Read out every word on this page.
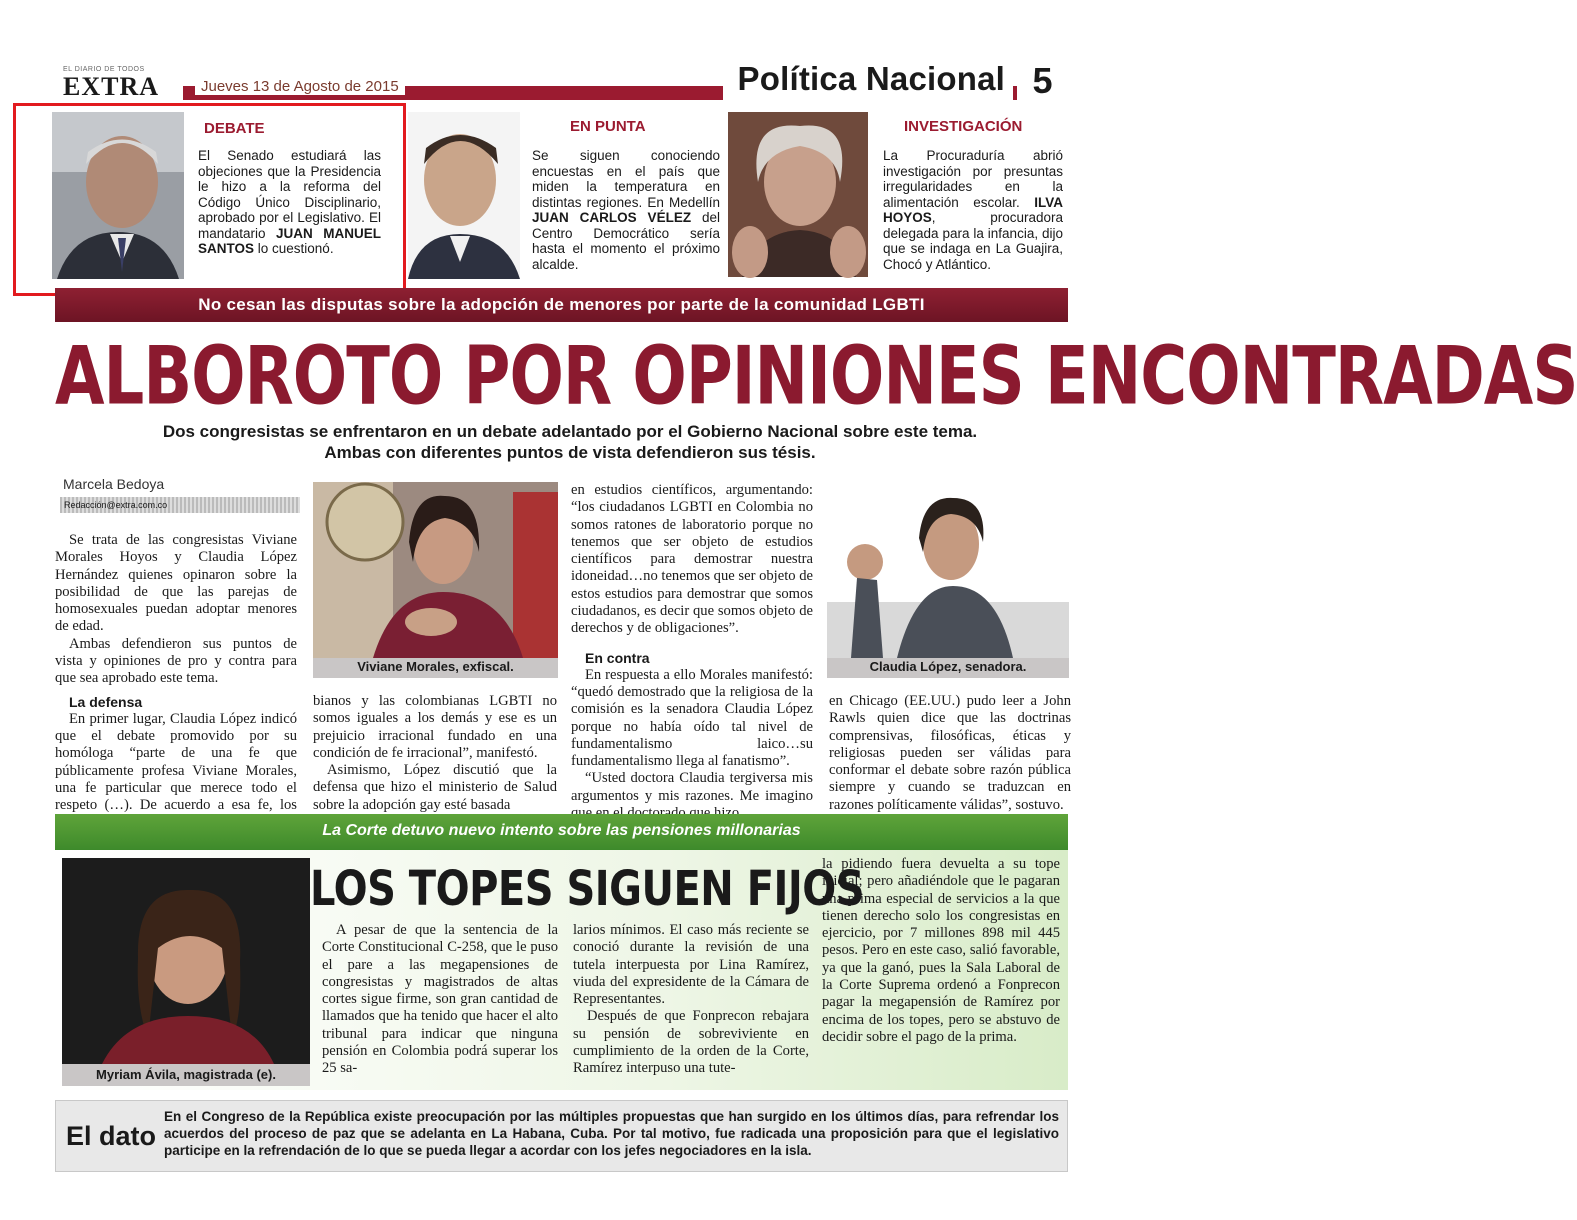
EL DIARIO DE TODOS
EXTRA	Jueves 13 de Agosto de 2015	Política Nacional 5
DEBATE
El Senado estudiará las objeciones que la Presidencia le hizo a la reforma del Código Único Disciplinario, aprobado por el Legislativo. El mandatario JUAN MANUEL SANTOS lo cuestionó.
EN PUNTA
Se siguen conociendo encuestas en el país que miden la temperatura en distintas regiones. En Medellín JUAN CARLOS VÉLEZ del Centro Democrático sería hasta el momento el próximo alcalde.
INVESTIGACIÓN
La Procuraduría abrió investigación por presuntas irregularidades en la alimentación escolar. ILVA HOYOS, procuradora delegada para la infancia, dijo que se indaga en La Guajira, Chocó y Atlántico.
No cesan las disputas sobre la adopción de menores por parte de la comunidad LGBTI
ALBOROTO POR OPINIONES ENCONTRADAS
Dos congresistas se enfrentaron en un debate adelantado por el Gobierno Nacional sobre este tema.
Ambas con diferentes puntos de vista defendieron sus tésis.
Marcela Bedoya
Redacción@extra.com.co

Se trata de las congresistas Viviane Morales Hoyos y Claudia López Hernández quienes opinaron sobre la posibilidad de que las parejas de homosexuales puedan adoptar menores de edad.

Ambas defendieron sus puntos de vista y opiniones de pro y contra para que sea aprobado este tema.

La defensa

En primer lugar, Claudia López indicó que el debate promovido por su homóloga “parte de una fe que públicamente profesa Viviane Morales, una fe particular que merece todo el respeto (…). De acuerdo a esa fe, los

Viviane Morales, exfiscal.

bianos y las colombianas LGBTI no somos iguales a los demás y ese es un prejuicio irracional fundado en una condición de fe irracional”, manifestó.

Asimismo, López discutió que la defensa que hizo el ministerio de Salud sobre la adopción gay esté basada

en estudios científicos, argumentando: “los ciudadanos LGBTI en Colombia no somos ratones de laboratorio porque no tenemos que ser objeto de estudios científicos para demostrar nuestra idoneidad…no tenemos que ser objeto de estos estudios para demostrar que somos ciudadanos, es decir que somos objeto de derechos y de obligaciones”.

En contra

En respuesta a ello Morales manifestó: “quedó demostrado que la religiosa de la comisión es la senadora Claudia López porque no había oído tal nivel de fundamentalismo laico…su fundamentalismo llega al fanatismo”.

“Usted doctora Claudia tergiversa mis argumentos y mis razones. Me imagino

Claudia López, senadora.

en Chicago (EE.UU.) pudo leer a John Rawls quien dice que las doctrinas comprensivas, filosóficas, éticas y religiosas pueden ser válidas para conformar el debate sobre razón pública siempre y cuando se traduzcan en razones políticamente válidas”, sostuvo.

La Corte detuvo nuevo intento sobre las pensiones millonarias
Myriam Ávila, magistrada (e).
LOS TOPES SIGUEN FIJOS

A pesar de que la sentencia de la Corte Constitucional C-258, que le puso el pare a las megapensiones de congresistas y magistrados de altas cortes sigue firme, son gran cantidad de llamados que ha tenido que hacer el alto tribunal para indicar que ninguna pensión en Colombia podrá superar los 25 sa-

larios mínimos. El caso más reciente se conoció durante la revisión de una tutela interpuesta por Lina Ramírez, viuda del expresidente de la Cámara de Representantes.

Después de que Fonprecon rebajara su pensión de sobreviviente en cumplimiento de la orden de la Corte, Ramírez interpuso una tute-

la pidiendo fuera devuelta a su tope inicial; pero añadiéndole que le pagaran una prima especial de servicios a la que tienen derecho solo los congresistas en ejercicio, por 7 millones 898 mil 445 pesos. Pero en este caso, salió favorable, ya que la ganó, pues la Sala Laboral de la Corte Suprema ordenó a Fonprecon pagar la megapensión de Ramírez por encima de los topes, pero se abstuvo de decidir sobre el pago de la prima.

El dato
En el Congreso de la República existe preocupación por las múltiples propuestas que han surgido en los últimos días, para refrendar los acuerdos del proceso de paz que se adelanta en La Habana, Cuba. Por tal motivo, fue radicada una proposición para que el legislativo participe en la refrendación de lo que se pueda llegar a acordar con los jefes negociadores en la isla.
